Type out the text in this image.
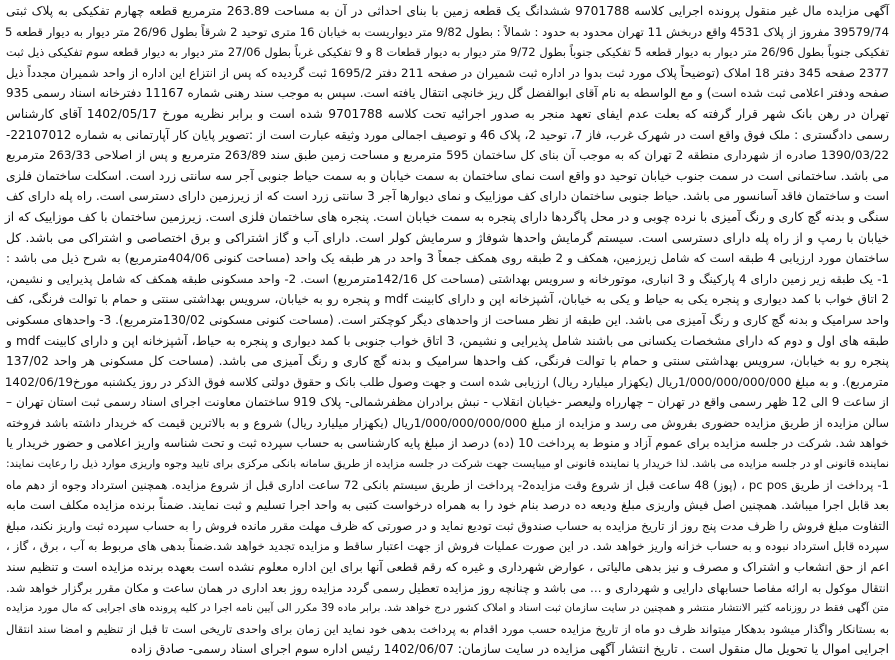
آگهی مزایده مال غیر منقول پرونده اجرایی کلاسه 9701788 ششدانگ یک قطعه زمین با بنای احداثی در آن به مساحت 263.89 مترمربع قطعه چهارم تفکیکی به پلاک ثبتی
39579/74 مفروز از پلاک 4531 واقع دربخش 11 تهران محدود به حدود : شمالاً : بطول 9/82 متر دیواریست به خیابان 16 متری توحید 2 شرقاً بطول 26/96 متر دیوار به دیوار قطعه 5
تفکیکی جنوباً بطول 26/96 متر دیوار به دیوار قطعه 5 تفکیکی جنوباً بطول 9/72 متر دیوار به دیوار قطعات 8 و 9 تفکیکی غرباً بطول 27/06 متر دیوار به دیوار قطعه سوم تفکیکی ذیل ثبت
2377 صفحه 345 دفتر 18 املاک (توضیحاً پلاک مورد ثبت بدوا در اداره ثبت شمیران در صفحه 211 دفتر 1695/2 ثبت گردیده که پس از انتزاع این اداره از واحد شمیران مجدداً ذیل
صفحه ودفتر اعلامی ثبت شده است) و مع الواسطه به نام آقای ابوالفضل گل ریز خانچی انتقال یافته است. سپس به موجب سند رهنی شماره 11167 دفترخانه اسناد رسمی 935
تهران در رهن بانک شهر قرار گرفته که بعلت عدم ایفای تعهد منجر به صدور اجرائیه تحت کلاسه 9701788 شده است و برابر نظریه مورخ 1402/05/17 آقای کارشناس
رسمی دادگستری : ملک فوق واقع است در شهرک غرب، فاز 7، توحید 2، پلاک 46 و توصیف اجمالی مورد وثیقه عبارت است از :تصویر پایان کار آپارتمانی به شماره 22107012-
1390/03/22 صادره از شهرداری منطقه 2 تهران که به موجب آن بنای کل ساختمان 595 مترمربع و مساحت زمین طبق سند 263/89 مترمربع و پس از اصلاحی 263/33 مترمربع
می باشد. ساختمانی است در سمت جنوب خیابان توحید دو واقع است نمای ساختمان به سمت خیابان و به سمت حیاط جنوبی آجر سه سانتی زرد است. اسکلت ساختمان فلزی
است و ساختمان فاقد آسانسور می باشد. حیاط جنوبی ساختمان دارای کف موزاییک و نمای دیوارها آجر 3 سانتی زرد است که از زیرزمین دارای دسترسی است. راه پله دارای کف
سنگی و بدنه گچ کاری و رنگ آمیزی با نرده چوبی و در محل پاگردها دارای پنجره به سمت خیابان است. پنجره های ساختمان فلزی است. زیرزمین ساختمان با کف موزاییک که از
خیابان با رمپ و از راه پله دارای دسترسی است. سیستم گرمایش واحدها شوفاژ و سرمایش کولر است. دارای آب و گاز اشتراکی و برق اختصاصی و اشتراکی می باشد. کل
ساختمان مورد ارزیابی 4 طبقه است که شامل زیرزمین، همکف و 2 طبقه روی همکف جمعاً 3 واحد در هر طبقه یک واحد (مساحت کنونی 404/06مترمربع) به شرح ذیل می باشد :
1- یک طبقه زیر زمین دارای 4 پارکینگ و 3 انباری، موتورخانه و سرویس بهداشتی (مساحت کل 142/16مترمربع) است. 2- واحد مسکونی طبقه همکف که شامل پذیرایی و نشیمن،
2 اتاق خواب با کمد دیواری و پنجره یکی به حیاط و یکی به خیابان، آشپزخانه اپن و دارای کابینت mdf و پنجره رو به خیابان، سرویس بهداشتی سنتی و حمام با توالت فرنگی، کف
واحد سرامیک و بدنه گچ کاری و رنگ آمیزی می باشد. این طبقه از نظر مساحت از واحدهای دیگر کوچکتر است. (مساحت کنونی مسکونی 130/02مترمربع). 3- واحدهای مسکونی
طبقه های اول و دوم که دارای مشخصات یکسانی می باشند شامل پذیرایی و نشیمن، 3 اتاق خواب جنوبی با کمد دیواری و پنجره به حیاط، آشپزخانه اپن و دارای کابینت mdf و
پنجره رو به خیابان، سرویس بهداشتی سنتی و حمام با توالت فرنگی، کف واحدها سرامیک و بدنه گچ کاری و رنگ آمیزی می باشد. (مساحت کل مسکونی هر واحد 137/02
مترمربع). و به مبلغ 1/000/000/000/000ریال (یکهزار میلیارد ریال) ارزیابی شده است و جهت وصول طلب بانک و حقوق دولتی کلاسه فوق الذکر در روز یکشنبه مورخ1402/06/19
از ساعت 9 الی 12 ظهر رسمی واقع در تهران – چهارراه ولیعصر -خیابان انقلاب - نبش برادران مظفرشمالی- پلاک 919 ساختمان معاونت اجرای اسناد رسمی ثبت استان تهران –
سالن مزایده از طریق مزایده حضوری بفروش می رسد و مزایده از مبلغ 1/000/000/000/000ریال (یکهزار میلیارد ریال) شروع و به بالاترین قیمت که خریدار داشته باشد فروخته
خواهد شد. شرکت در جلسه مزایده برای عموم آزاد و منوط به پرداخت 10 (ده) درصد از مبلغ پایه کارشناسی به حساب سپرده ثبت و تحت شناسه واریز اعلامی و حضور خریدار یا
نماینده قانونی او در جلسه مزایده می باشد. لذا خریدار یا نماینده قانونی او میبایست جهت شرکت در جلسه مزایده از طریق سامانه بانکی مرکزی برای تایید وجوه واریزی موارد ذیل را رعایت نمایند:
1- پرداخت از طریق pc pos ، (پوز) 48 ساعت قبل از شروع وقت مزایده2- پرداخت از طریق سیستم بانکی 72 ساعت اداری قبل از شروع مزایده. همچنین استرداد وجوه از دهم ماه
بعد قابل اجرا میباشد. همچنین اصل فیش واریزی مبلغ ودیعه ده درصد بنام خود را به همراه درخواست کتبی به واحد اجرا تسلیم و ثبت نمایند. ضمناً برنده مزایده مکلف است مابه
التفاوت مبلغ فروش را ظرف مدت پنج روز از تاریخ مزایده به حساب صندوق ثبت تودیع نماید و در صورتی که ظرف مهلت مقرر مانده فروش را به حساب سپرده ثبت واریز نکند، مبلغ
سپرده قابل استرداد نبوده و به حساب خزانه واریز خواهد شد. در این صورت عملیات فروش از جهت اعتبار ساقط و مزایده تجدید خواهد شد.ضمناً بدهی های مربوط به آب ، برق ، گاز ،
اعم از حق انشعاب و اشتراک و مصرف و نیز بدهی مالیاتی ، عوارض شهرداری و غیره که رقم قطعی آنها برای این اداره معلوم نشده است بعهده برنده مزایده است و تنظیم سند
انتقال موکول به ارائه مفاصا حسابهای دارایی و شهرداری و … می باشد و چنانچه روز مزایده تعطیل رسمی گردد مزایده روز بعد اداری در همان ساعت و مکان مقرر برگزار خواهد شد.
متن آگهی فقط در روزنامه کثیر الانتشار منتشر و همچنین در سایت سازمان ثبت اسناد و املاک کشور درج خواهد شد. برابر ماده 39 مکرر الی آیین نامه اجرا در کلیه پرونده های اجرایی که مال مورد مزایده
به بستانکار واگذار میشود بدهکار میتواند ظرف دو ماه از تاریخ مزایده حسب مورد اقدام به پرداخت بدهی خود نماید این زمان برای واحدی تاریخی است تا قبل از تنظیم و امضا سند انتقال
اجرایی اموال یا تحویل مال منقول است . تاریخ انتشار آگهی مزایده در سایت سازمان: 1402/06/07 رئیس اداره سوم اجرای اسناد رسمی- صادق زاده
